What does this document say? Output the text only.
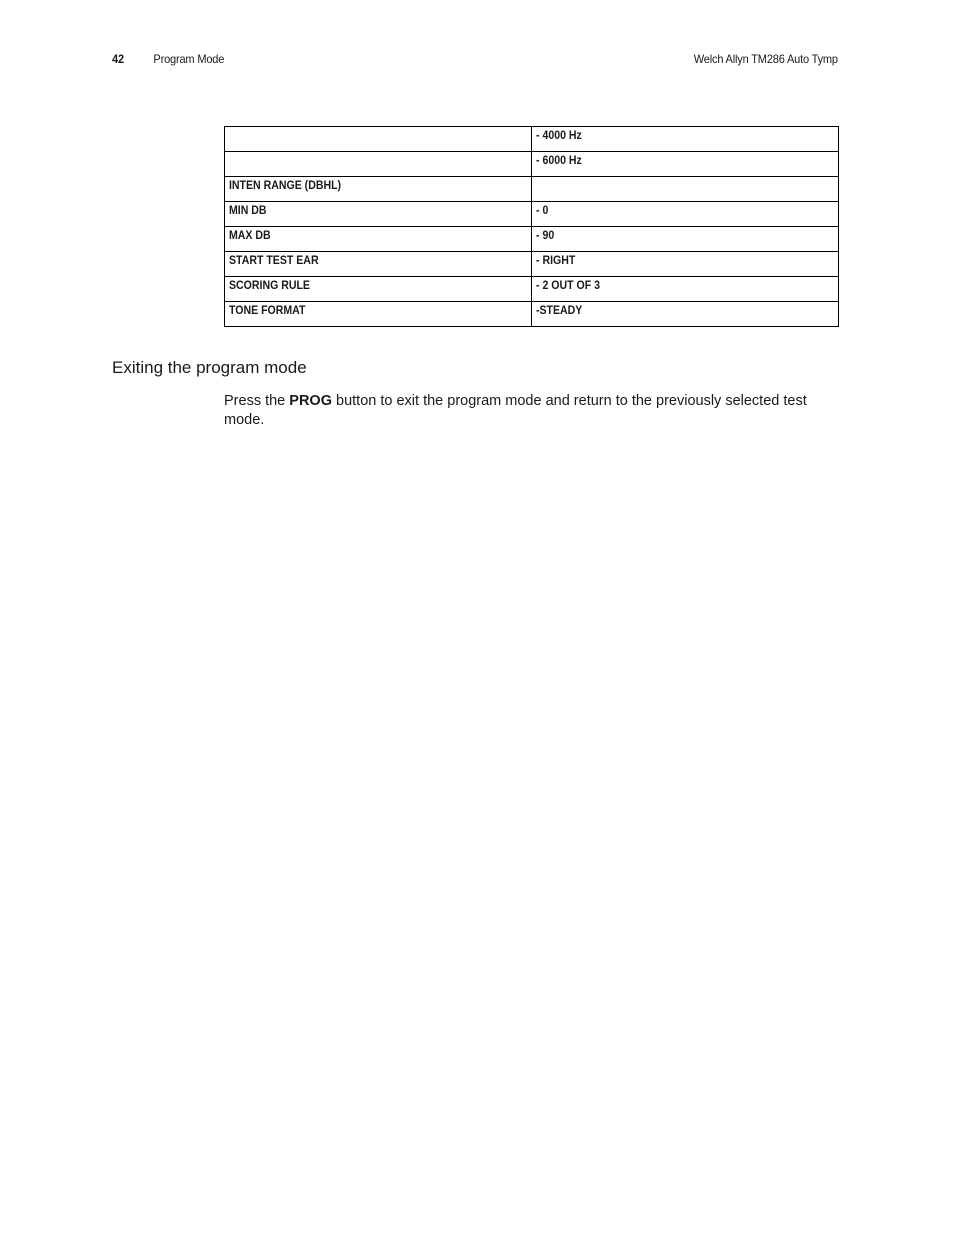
42 Program Mode	Welch Allyn TM286 Auto Tymp
	- 4000 Hz
	- 6000 Hz
INTEN RANGE (DBHL)	
MIN DB	- 0
MAX DB	- 90
START TEST EAR	- RIGHT
SCORING RULE	- 2 OUT OF 3
TONE FORMAT	-STEADY
Exiting the program mode

Press the PROG button to exit the program mode and return to the previously selected test mode.
